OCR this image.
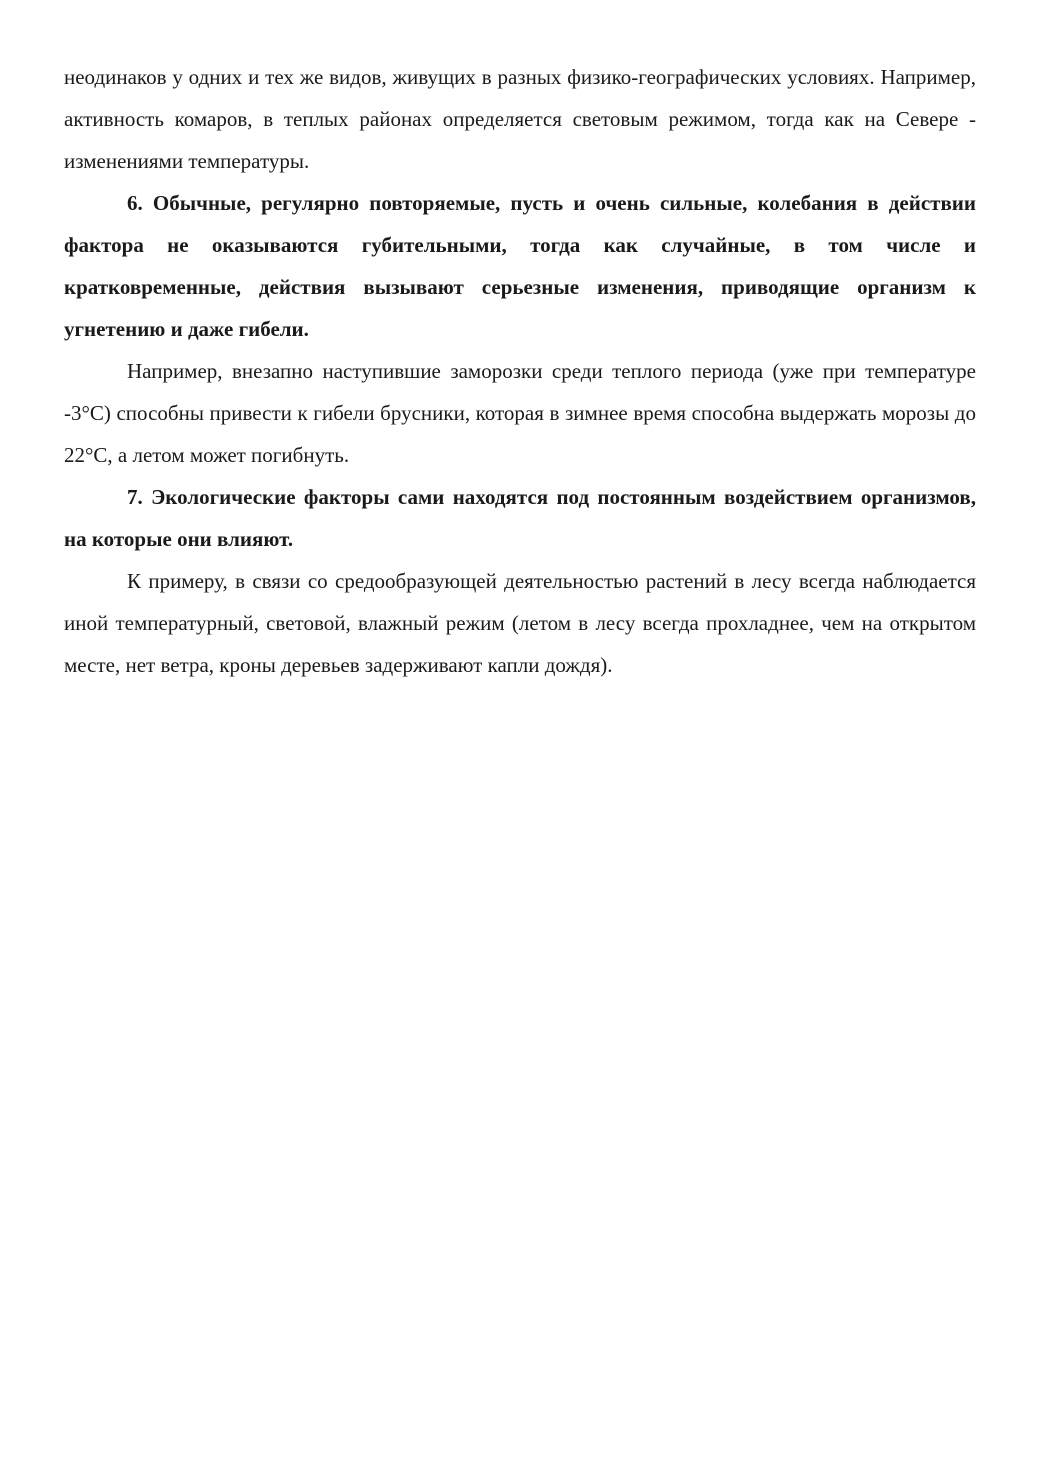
неодинаков у одних и тех же видов, живущих в разных физико-географических условиях. Например, активность комаров, в теплых районах определяется световым режимом, тогда как на Севере - изменениями температуры.

6. Обычные, регулярно повторяемые, пусть и очень сильные, колебания в действии фактора не оказываются губительными, тогда как случайные, в том числе и кратковременные, действия вызывают серьезные изменения, приводящие организм к угнетению и даже гибели.

Например, внезапно наступившие заморозки среди теплого периода (уже при температуре -3°С) способны привести к гибели брусники, которая в зимнее время способна выдержать морозы до 22°С, а летом может погибнуть.

7. Экологические факторы сами находятся под постоянным воздействием организмов, на которые они влияют.

К примеру, в связи со средообразующей деятельностью растений в лесу всегда наблюдается иной температурный, световой, влажный режим (летом в лесу всегда прохладнее, чем на открытом месте, нет ветра, кроны деревьев задерживают капли дождя).
